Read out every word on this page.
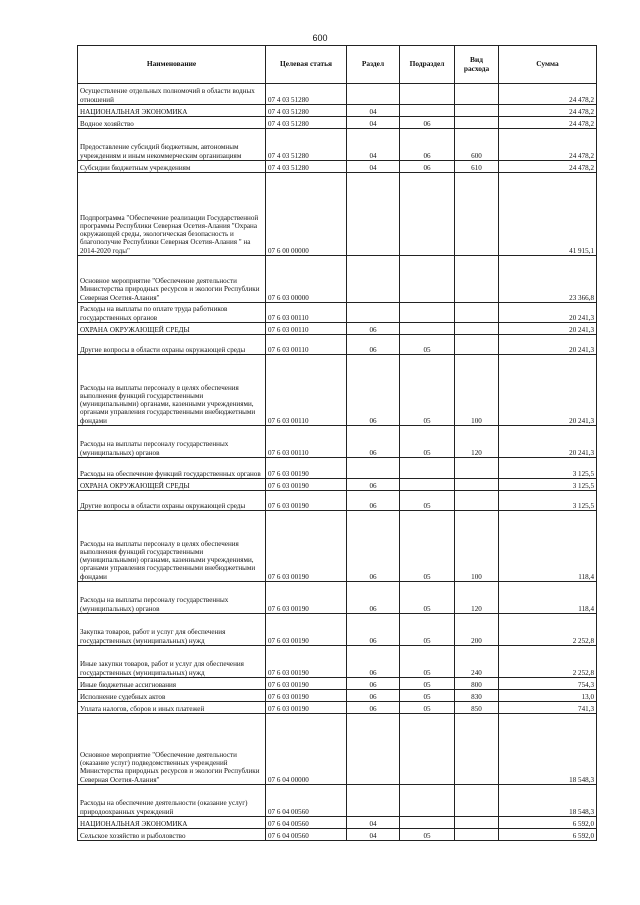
600
Наименование	Целевая статья	Раздел	Подраздел	Вид расхода	Сумма
Осуществление отдельных полномочий в области водных отношений	07 4 03 51280				24 478,2
НАЦИОНАЛЬНАЯ ЭКОНОМИКА	07 4 03 51280	04			24 478,2
Водное хозяйство	07 4 03 51280	04	06		24 478,2
Предоставление субсидий бюджетным, автономным учреждениям и иным некоммерческим организациям	07 4 03 51280	04	06	600	24 478,2
Субсидии бюджетным учреждениям	07 4 03 51280	04	06	610	24 478,2
Подпрограмма "Обеспечение реализации Государственной программы Республики Северная Осетия-Алания "Охрана окружающей среды, экологическая безопасность и благополучие Республики Северная Осетия-Алания " на 2014-2020 годы"	07 6 00 00000				41 915,1
Основное мероприятие "Обеспечение деятельности Министерства природных ресурсов и экологии Республики Северная Осетия-Алания"	07 6 03 00000				23 366,8
Расходы на выплаты по оплате труда работников государственных органов	07 6 03 00110				20 241,3
ОХРАНА ОКРУЖАЮЩЕЙ СРЕДЫ	07 6 03 00110	06			20 241,3
Другие вопросы в области охраны окружающей среды	07 6 03 00110	06	05		20 241,3
Расходы на выплаты персоналу в целях обеспечения выполнения функций государственными (муниципальными) органами, казенными учреждениями, органами управления государственными внебюджетными фондами	07 6 03 00110	06	05	100	20 241,3
Расходы на выплаты персоналу государственных (муниципальных) органов	07 6 03 00110	06	05	120	20 241,3
Расходы на обеспечение функций государственных органов	07 6 03 00190				3 125,5
ОХРАНА ОКРУЖАЮЩЕЙ СРЕДЫ	07 6 03 00190	06			3 125,5
Другие вопросы в области охраны окружающей среды	07 6 03 00190	06	05		3 125,5
Расходы на выплаты персоналу в целях обеспечения выполнения функций государственными (муниципальными) органами, казенными учреждениями, органами управления государственными внебюджетными фондами	07 6 03 00190	06	05	100	118,4
Расходы на выплаты персоналу государственных (муниципальных) органов	07 6 03 00190	06	05	120	118,4
Закупка товаров, работ и услуг для обеспечения государственных (муниципальных) нужд	07 6 03 00190	06	05	200	2 252,8
Иные закупки товаров, работ и услуг для обеспечения государственных (муниципальных) нужд	07 6 03 00190	06	05	240	2 252,8
Иные бюджетные ассигнования	07 6 03 00190	06	05	800	754,3
Исполнение судебных актов	07 6 03 00190	06	05	830	13,0
Уплата налогов, сборов и иных платежей	07 6 03 00190	06	05	850	741,3
Основное мероприятие "Обеспечение деятельности (оказание услуг) подведомственных учреждений Министерства природных ресурсов и экологии Республики Северная Осетия-Алания"	07 6 04 00000				18 548,3
Расходы на обеспечение деятельности (оказание услуг) природоохранных учреждений	07 6 04 00560				18 548,3
НАЦИОНАЛЬНАЯ ЭКОНОМИКА	07 6 04 00560	04			6 592,0
Сельское хозяйство и рыболовство	07 6 04 00560	04	05		6 592,0
